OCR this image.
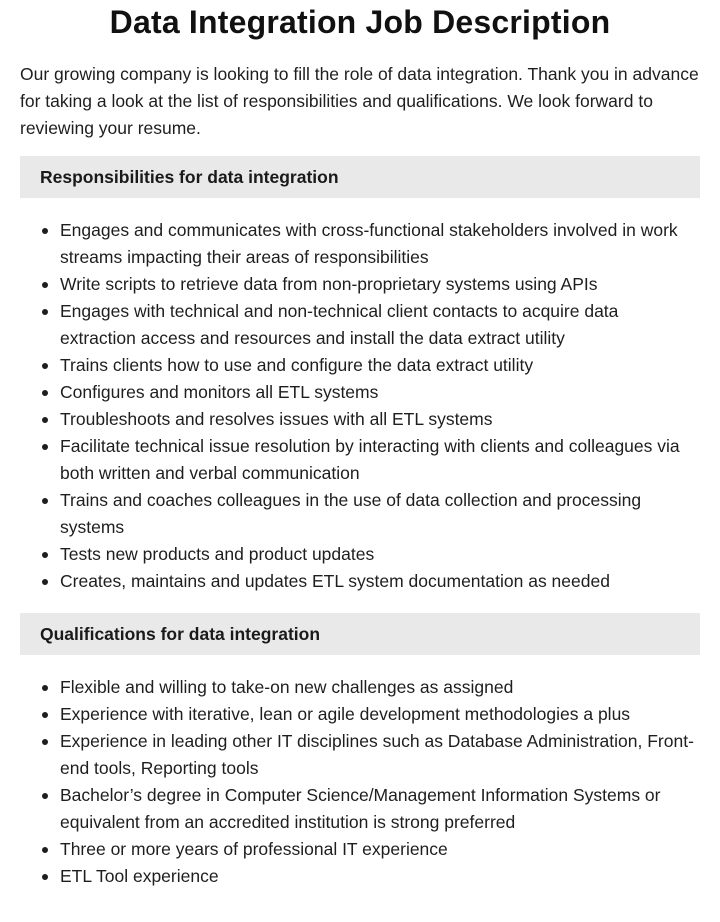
Data Integration Job Description

Our growing company is looking to fill the role of data integration. Thank you in advance for taking a look at the list of responsibilities and qualifications. We look forward to reviewing your resume.

Responsibilities for data integration
Engages and communicates with cross-functional stakeholders involved in work streams impacting their areas of responsibilities
Write scripts to retrieve data from non-proprietary systems using APIs
Engages with technical and non-technical client contacts to acquire data extraction access and resources and install the data extract utility
Trains clients how to use and configure the data extract utility
Configures and monitors all ETL systems
Troubleshoots and resolves issues with all ETL systems
Facilitate technical issue resolution by interacting with clients and colleagues via both written and verbal communication
Trains and coaches colleagues in the use of data collection and processing systems
Tests new products and product updates
Creates, maintains and updates ETL system documentation as needed
Qualifications for data integration
Flexible and willing to take-on new challenges as assigned
Experience with iterative, lean or agile development methodologies a plus
Experience in leading other IT disciplines such as Database Administration, Front-end tools, Reporting tools
Bachelor’s degree in Computer Science/Management Information Systems or equivalent from an accredited institution is strong preferred
Three or more years of professional IT experience
ETL Tool experience
